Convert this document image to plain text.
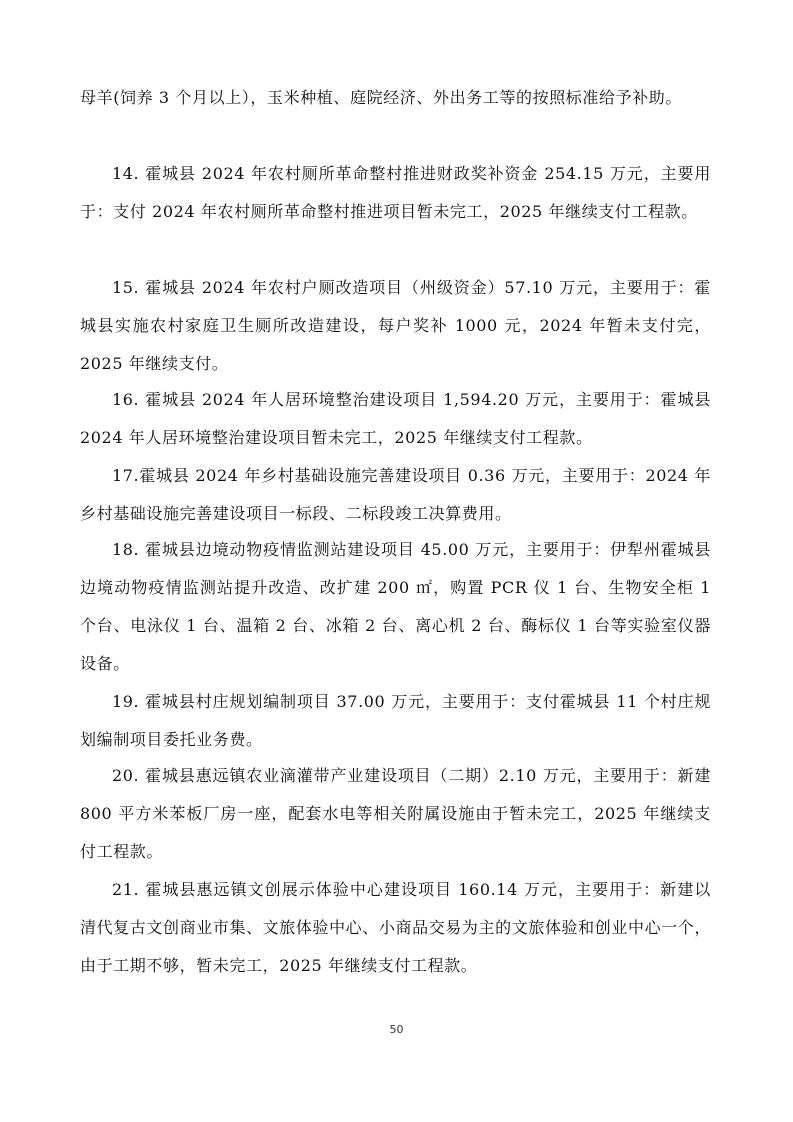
母羊(饲养 3 个月以上），玉米种植、庭院经济、外出务工等的按照标准给予补助。

14. 霍城县 2024 年农村厕所革命整村推进财政奖补资金 254.15 万元，主要用于：支付 2024 年农村厕所革命整村推进项目暂未完工，2025 年继续支付工程款。

15. 霍城县 2024 年农村户厕改造项目（州级资金）57.10 万元，主要用于：霍城县实施农村家庭卫生厕所改造建设，每户奖补 1000 元，2024 年暂未支付完，2025 年继续支付。

16. 霍城县 2024 年人居环境整治建设项目 1,594.20 万元，主要用于：霍城县 2024 年人居环境整治建设项目暂未完工，2025 年继续支付工程款。

17.霍城县 2024 年乡村基础设施完善建设项目 0.36 万元，主要用于：2024 年乡村基础设施完善建设项目一标段、二标段竣工决算费用。

18. 霍城县边境动物疫情监测站建设项目 45.00 万元，主要用于：伊犁州霍城县边境动物疫情监测站提升改造、改扩建 200 ㎡，购置 PCR 仪 1 台、生物安全柜 1 个台、电泳仪 1 台、温箱 2 台、冰箱 2 台、离心机 2 台、酶标仪 1 台等实验室仪器设备。

19. 霍城县村庄规划编制项目 37.00 万元，主要用于：支付霍城县 11 个村庄规划编制项目委托业务费。

20. 霍城县惠远镇农业滴灌带产业建设项目（二期）2.10 万元，主要用于：新建 800 平方米苯板厂房一座，配套水电等相关附属设施由于暂未完工，2025 年继续支付工程款。

21. 霍城县惠远镇文创展示体验中心建设项目 160.14 万元，主要用于：新建以清代复古文创商业市集、文旅体验中心、小商品交易为主的文旅体验和创业中心一个，由于工期不够，暂未完工，2025 年继续支付工程款。

50
